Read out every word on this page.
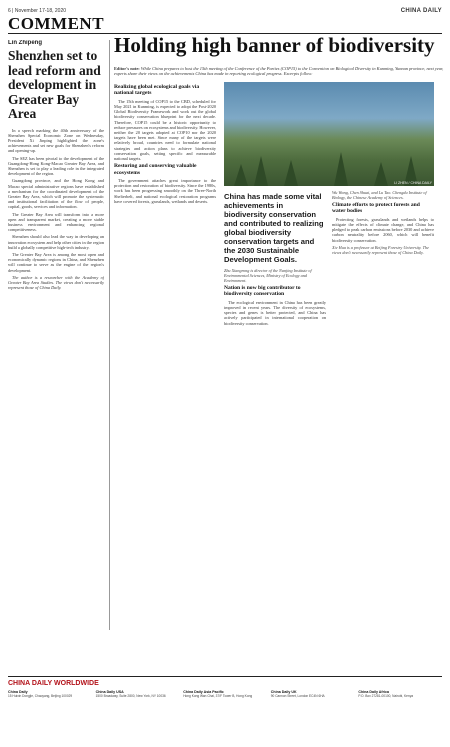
6 | November 17-18, 2020	CHINA DAILY
COMMENT
Lin Zhipeng
Shenzhen set to lead reform and development in Greater Bay Area

In a speech marking the 40th anniversary of the Shenzhen Special Economic Zone on Wednesday, President Xi Jinping highlighted the zone's achievements and set new goals for Shenzhen's reform and opening-up.

The SEZ has been pivotal to the development of the Guangdong-Hong Kong-Macao Greater Bay Area, and Shenzhen is set to play a leading role in the integrated development of the region.

Guangdong province, and the Hong Kong and Macao special administrative regions have established a mechanism for the coordinated development of the Greater Bay Area, which will promote the systematic and institutional facilitation of the flow of people, capital, goods, services and information.

The Greater Bay Area will transform into a more open and transparent market, creating a more stable business environment and enhancing regional competitiveness.

Shenzhen should also lead the way in developing an innovation ecosystem and help other cities in the region build a globally competitive high-tech industry.

The Greater Bay Area is among the most open and economically dynamic regions in China, and Shenzhen will continue to serve as the engine of the region's development.

The author is a researcher with the Academy of Greater Bay Area Studies. The views don't necessarily represent those of China Daily.

Holding high banner of biodiversity
Editor's note: While China prepares to host the 15th meeting of the Conference of the Parties (COP15) to the Convention on Biological Diversity in Kunming, Yunnan province, next year, experts share their views on the achievements China has made in reporting ecological progress. Excerpts follow:
Realizing global ecological goals via national targets

The 15th meeting of COP15 to the CBD, scheduled for May 2021 in Kunming, is expected to adopt the Post-2020 Global Biodiversity Framework and work out the global biodiversity conservation blueprint for the next decade. Therefore, COP15 could be a historic opportunity to reduce pressures on ecosystems and biodiversity. However, neither the 20 targets adopted at COP10 nor the 2020 targets have been met. Since many of the targets were relatively broad, countries need to formulate national strategies and action plans to achieve biodiversity conservation goals, setting specific and measurable national targets.

Restoring and conserving valuable ecosystems

The government attaches great importance to the protection and restoration of biodiversity. Since the 1980s, work has been progressing smoothly on the Three-North Shelterbelt, and national ecological restoration programs have covered forests, grasslands, wetlands and deserts.

LI ZHEN / CHINA DAILY
China has made some vital achievements in biodiversity conservation and contributed to realizing global biodiversity conservation targets and the 2030 Sustainable Development Goals.
Zhu Xiangrong is director of the Nanjing Institute of Environmental Sciences, Ministry of Ecology and Environment.
Nation is now big contributor to biodiversity conservation

The ecological environment in China has been greatly improved in recent years. The diversity of ecosystems, species and genes is better protected, and China has actively participated in international cooperation on biodiversity conservation.

Wu Wang, Chen Shuai, and Lu Tao. Chengdu Institute of Biology, the Chinese Academy of Sciences.
Climate efforts to protect forests and water bodies

Protecting forests, grasslands and wetlands helps to mitigate the effects of climate change, and China has pledged to peak carbon emissions before 2030 and achieve carbon neutrality before 2060, which will benefit biodiversity conservation.

Xie Hua is a professor at Beijing Forestry University. The views don't necessarily represent those of China Daily.
CHINA DAILY WORLDWIDE
China Daily
15 Huixin Dongjie, Chaoyang, Beijing 100029
China Daily USA
1500 Broadway, Suite 2800, New York, NY 10036
China Daily Asia Pacific
Hong Kong Wan Chai, 37/F Tower B, Hong Kong
China Daily UK
90 Cannon Street, London EC4N 6HA
China Daily Africa
P.O. Box 27281-00100, Nairobi, Kenya
